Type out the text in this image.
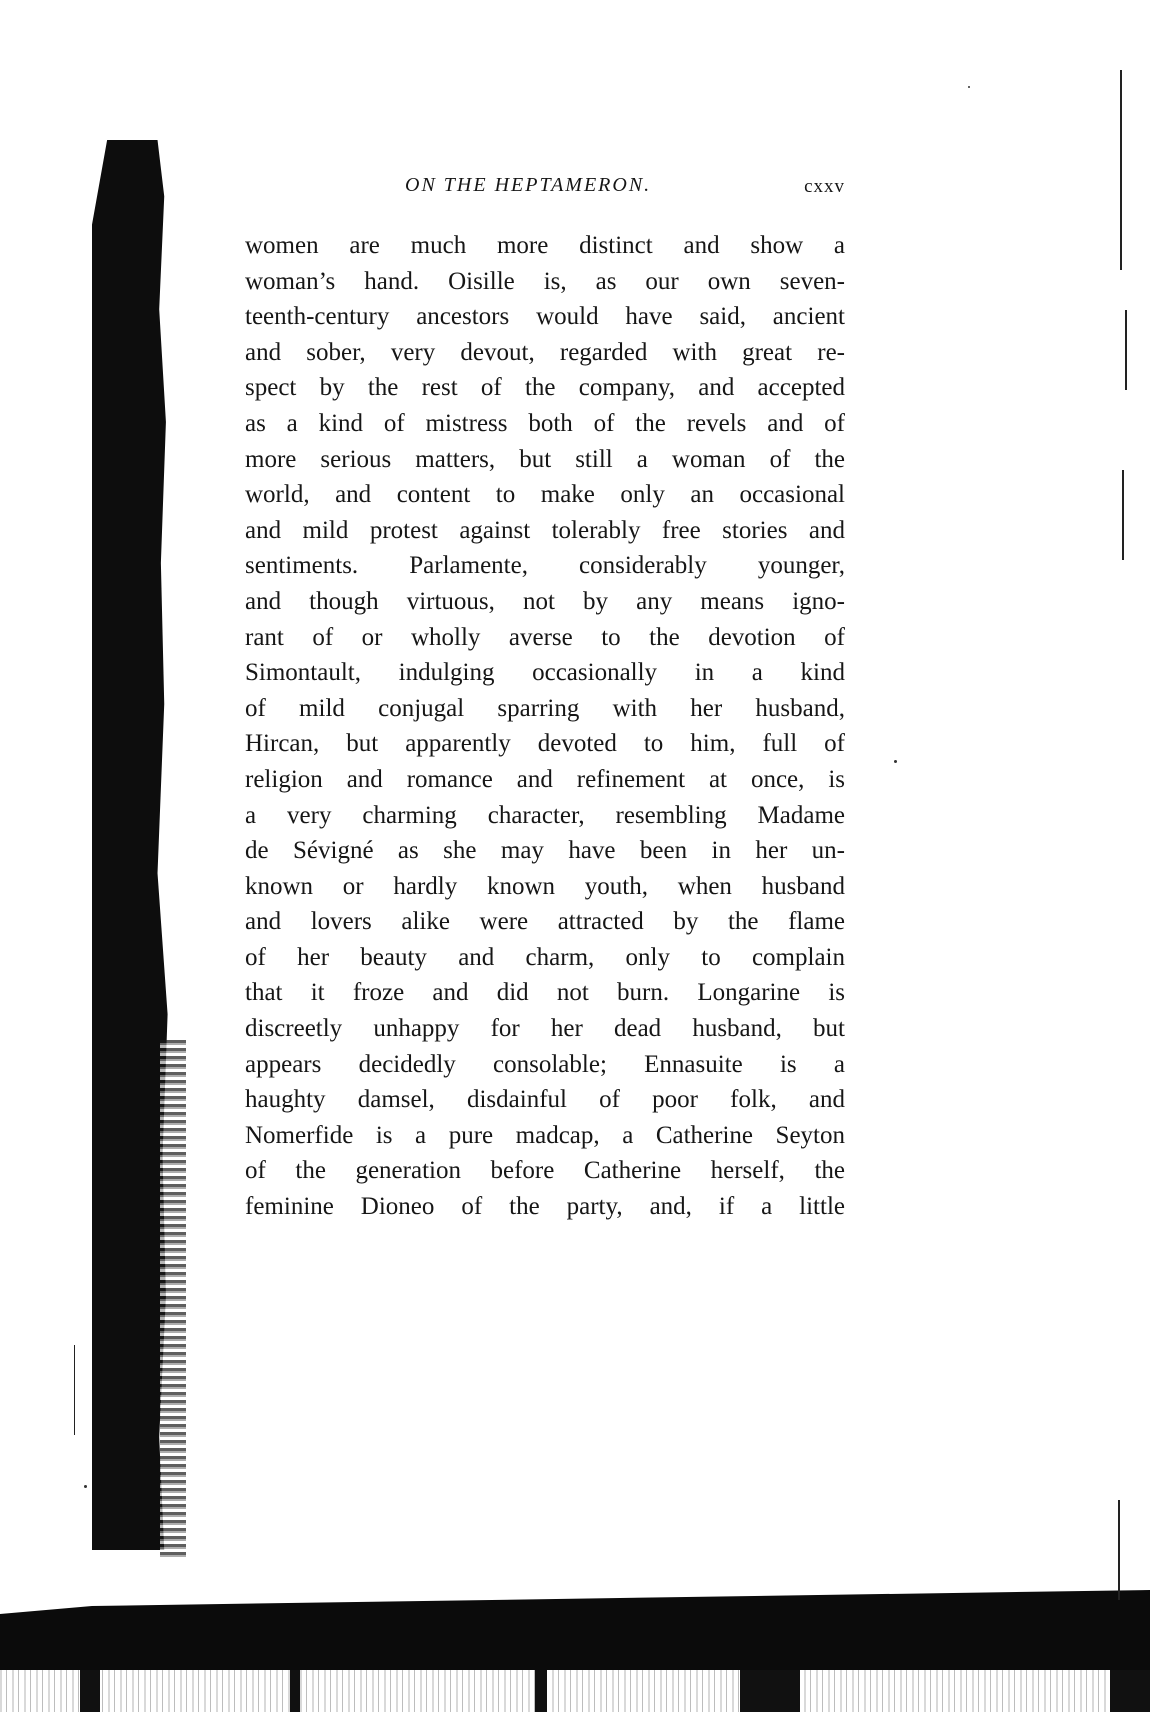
ON THE HEPTAMERON.	cxxv
women are much more distinct and show a
woman’s hand. Oisille is, as our own seven-
teenth-century ancestors would have said, ancient
and sober, very devout, regarded with great re-
spect by the rest of the company, and accepted
as a kind of mistress both of the revels and of
more serious matters, but still a woman of the
world, and content to make only an occasional
and mild protest against tolerably free stories and
sentiments. Parlamente, considerably younger,
and though virtuous, not by any means igno-
rant of or wholly averse to the devotion of
Simontault, indulging occasionally in a kind
of mild conjugal sparring with her husband,
Hircan, but apparently devoted to him, full of
religion and romance and refinement at once, is
a very charming character, resembling Madame
de Sévigné as she may have been in her un-
known or hardly known youth, when husband
and lovers alike were attracted by the flame
of her beauty and charm, only to complain
that it froze and did not burn. Longarine is
discreetly unhappy for her dead husband, but
appears decidedly consolable; Ennasuite is a
haughty damsel, disdainful of poor folk, and
Nomerfide is a pure madcap, a Catherine Seyton
of the generation before Catherine herself, the
feminine Dioneo of the party, and, if a little
